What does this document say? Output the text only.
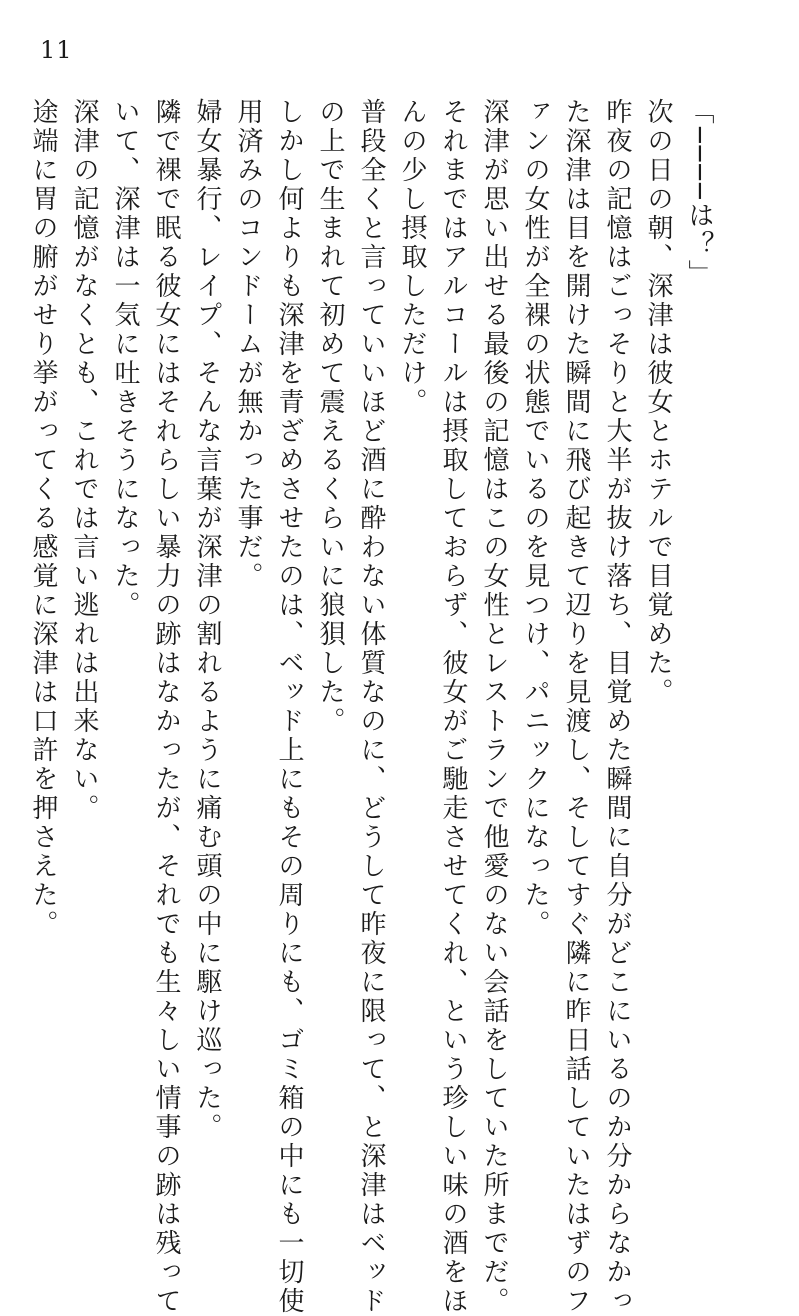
11

「────は？」

次の日の朝、深津は彼女とホテルで目覚めた。

昨夜の記憶はごっそりと大半が抜け落ち、目覚めた瞬間に自分がどこにいるのか分からなかっ

た深津は目を開けた瞬間に飛び起きて辺りを見渡し、そしてすぐ隣に昨日話していたはずのフ

ァンの女性が全裸の状態でいるのを見つけ、パニックになった。

深津が思い出せる最後の記憶はこの女性とレストランで他愛のない会話をしていた所までだ。

それまではアルコールは摂取しておらず、彼女がご馳走させてくれ、という珍しい味の酒をほ

んの少し摂取しただけ。

普段全くと言っていいほど酒に酔わない体質なのに、どうして昨夜に限って、と深津はベッド

の上で生まれて初めて震えるくらいに狼狽した。

しかし何よりも深津を青ざめさせたのは、ベッド上にもその周りにも、ゴミ箱の中にも一切使

用済みのコンドームが無かった事だ。

婦女暴行、レイプ、そんな言葉が深津の割れるように痛む頭の中に駆け巡った。

隣で裸で眠る彼女にはそれらしい暴力の跡はなかったが、それでも生々しい情事の跡は残って

いて、深津は一気に吐きそうになった。

深津の記憶がなくとも、これでは言い逃れは出来ない。

途端に胃の腑がせり挙がってくる感覚に深津は口許を押さえた。
